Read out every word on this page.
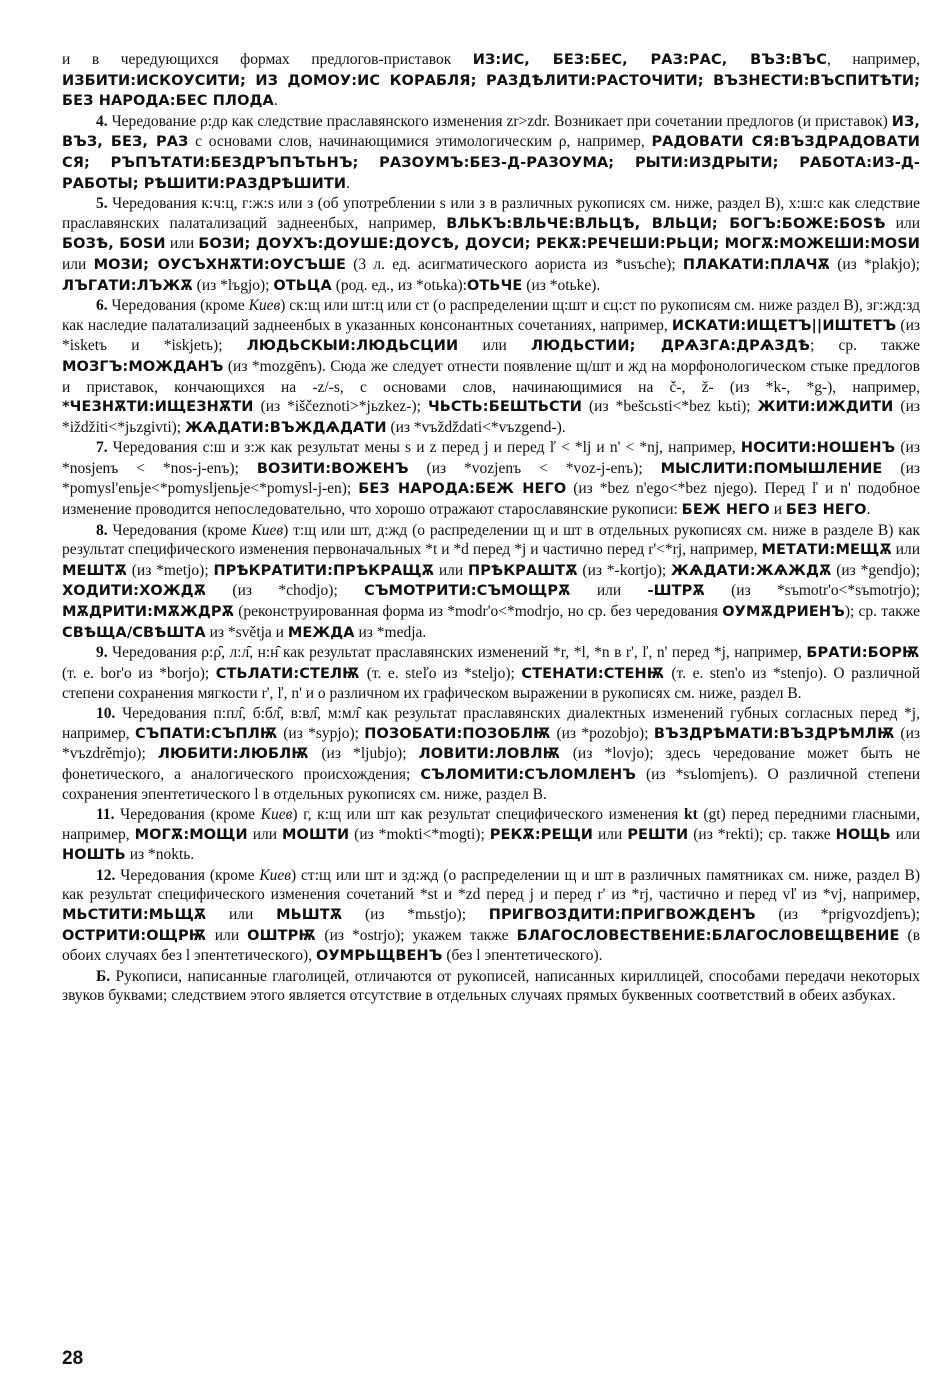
и в чередующихся формах предлогов-приставок ИЗ:ИС, БЕЗ:БЕС, РАЗ:РАС, ВЪЗ:ВЪС, например, ИЗБИТИ:ИСКОУСИТИ; ИЗ ДОМОУ:ИС КОРАБЛЯ; РАЗДѢЛИТИ:РАСТОЧИТИ; ВЪЗНЕСТИ:ВЪСПИТѢТИ; БЕЗ НАРОДА:БЕС ПЛОДА.

4. Чередование ρ:дρ как следствие праславянского изменения zr>zdr. Возникает при сочетании предлогов (и приставок) ИЗ, ВЪЗ, БЕЗ, РАЗ с основами слов, начинающимися этимологическим ρ, например, РАДОВАТИ СЯ:ВЪЗДРАДОВАТИ СЯ; РЪПЪТАТИ:БЕЗДРЪПЪТЬНЪ; РАЗОУМЪ:БЕЗ-Д-РАЗОУМА; РЫТИ:ИЗДРЫТИ; РАБОТА:ИЗ-Д-РАБОТЫ; РѢШИТИ:РАЗДРѢШИТИ.

5. Чередования к:ч:ц, г:ж:ѕ или з (об употреблении ѕ или з в различных рукописях см. ниже, раздел В), х:ш:с как следствие праславянских палатализаций заднеенбых, например, ВЛЬКЪ:ВЛЬЧЕ:ВЛЬЦѢ, ВЛЬЦИ; БОГЪ:БОЖЕ:БОЅѢ или БОЗѢ, БОЅИ или БОЗИ; ДОУХЪ:ДОУШЕ:ДОУСѢ, ДОУСИ; РЕКѪ:РЕЧЕШИ:РЬЦИ; МОГѪ:МОЖЕШИ:МОЅИ или МОЗИ; ОУСЪХНѪТИ:ОУСЪШЕ (3 л. ед. асигматического аориста из *usъche); ПЛАКАТИ:ПЛАЧѪ (из *plakjo); ЛЪГАТИ:ЛЪЖѪ (из *lъgjo); ОТЬЦА (род. ед., из *otьka):ОТЬЧЕ (из *otьke).

6. Чередования (кроме Киев) ск:щ или шт:ц или ст (о распределении щ:шт и сц:ст по рукописям см. ниже раздел В), зг:жд:зд как наследие палатализаций заднеенбых в указанных консонантных сочетаниях, например, ИСКАТИ:ИЩЕТЪ||ИШТЕТЪ (из *isketъ и *iskjetъ); ЛЮДЬСКЫИ:ЛЮДЬСЦИИ или ЛЮДЬСТИИ; ДРѦЗГА:ДРѦЗДѢ; ср. также МОЗГЪ:МОЖДАНЪ (из *mozgēnъ). Сюда же следует отнести появление щ/шт и жд на морфонологическом стыке предлогов и приставок, кончающихся на -z/-s, с основами слов, начинающимися на č-, ž- (из *k-, *g-), например, *ЧЕЗНѪТИ:ИЩЕЗНѪТИ (из *iščeznoti>*jьzkez-); ЧЬСТЬ:БЕШТЬСТИ (из *bešcьsti<*bez kьti); ЖИТИ:ИЖДИТИ (из *iždžiti<*jьzgivti); ЖѦДАТИ:ВЪЖДѦДАТИ (из *vъždždati<*vъzgend-).

7. Чередования с:ш и з:ж как результат мены s и z перед j и перед ľ < *lj и n' < *nj, например, НОСИТИ:НОШЕНЪ (из *nosjenъ < *nos-j-enъ); ВОЗИТИ:ВОЖЕНЪ (из *vozjenъ < *voz-j-enъ); МЫСЛИТИ:ПОМЫШЛЕНИЕ (из *pomysl'enьje<*pomysljenьje<*pomysl-j-en); БЕЗ НАРОДА:БЕЖ НЕГО (из *bez n'ego<*bez njego). Перед ľ и n' подобное изменение проводится непоследовательно, что хорошо отражают старославянские рукописи: БЕЖ НЕГО и БЕЗ НЕГО.

8. Чередования (кроме Киев) т:щ или шт, д:жд (о распределении щ и шт в отдельных рукописях см. ниже в разделе В) как результат специфического изменения первоначальных *t и *d перед *j и частично перед r'<*rj, например, МЕТАТИ:МЕЩѪ или МЕШТѪ (из *metjo); ПРѢКРАТИТИ:ПРѢКРАЩѪ или ПРѢКРАШТѪ (из *-kortjo); ЖѦДАТИ:ЖѦЖДѪ (из *gendjo); ХОДИТИ:ХОЖДѪ (из *chodjo); СЪМОТРИТИ:СЪМОЩРѪ или -ШТРѪ (из *sъmotr'o<*sъmotrjo); МѪДРИТИ:МѪЖДРѪ (реконструированная форма из *modr'o<*modrjo, но ср. без чередования ОУМѪДРИЕНЪ); ср. также СВѢЩА/СВѢШТА из *světja и МЕЖДА из *medja.

9. Чередования ρ:ρ̑, л:л̑, н:н̑ как результат праславянских изменений *r, *l, *n в r', ľ, n' перед *j, например, БРАТИ:БОРѬ (т. е. bor'o из *borjo); СТЬЛАТИ:СТЕЛѬ (т. е. steľo из *steljo); СТЕНАТИ:СТЕНѬ (т. е. sten'o из *stenjo). О различной степени сохранения мягкости r', ľ, n' и о различном их графическом выражении в рукописях см. ниже, раздел В.

10. Чередования п:пл̑, б:бл̑, в:вл̑, м:мл̑ как результат праславянских диалектных изменений губных согласных перед *j, например, СЪПАТИ:СЪПЛѬ (из *sypjo); ПОЗОБАТИ:ПОЗОБЛѬ (из *pozobjo); ВЪЗДРѢМАТИ:ВЪЗДРѢМЛѬ (из *vъzdrěmjo); ЛЮБИТИ:ЛЮБЛѬ (из *ljubjo); ЛОВИТИ:ЛОВЛѬ (из *lovjo); здесь чередование может быть не фонетического, а аналогического происхождения; СЪЛОМИТИ:СЪЛОМЛЕНЪ (из *sъlomjenъ). О различной степени сохранения эпентетического l в отдельных рукописях см. ниже, раздел В.

11. Чередования (кроме Киев) г, к:щ или шт как результат специфического изменения kt (gt) перед передними гласными, например, МОГѪ:МОЩИ или МОШТИ (из *mokti<*mogti); РЕКѪ:РЕЩИ или РЕШТИ (из *rekti); ср. также НОЩЬ или НОШТЬ из *noktь.

12. Чередования (кроме Киев) ст:щ или шт и зд:жд (о распределении щ и шт в различных памятниках см. ниже, раздел В) как результат специфического изменения сочетаний *st и *zd перед j и перед r' из *rj, частично и перед vľ из *vj, например, МЬСТИТИ:МЬЩѪ или МЬШТѪ (из *mьstjo); ПРИГВОЗДИТИ:ПРИГВОЖДЕНЪ (из *prigvozdjenъ); ОСТРИТИ:ОЩРѬ или ОШТРѬ (из *ostrjo); укажем также БЛАГОСЛОВЕСТВЕНИЕ:БЛАГОСЛОВЕЩВЕНИЕ (в обоих случаях без l эпентетического), ОУМРЬЩВЕНЪ (без l эпентетического).

Б. Рукописи, написанные глаголицей, отличаются от рукописей, написанных кириллицей, способами передачи некоторых звуков буквами; следствием этого является отсутствие в отдельных случаях прямых буквенных соответствий в обеих азбуках.

28
